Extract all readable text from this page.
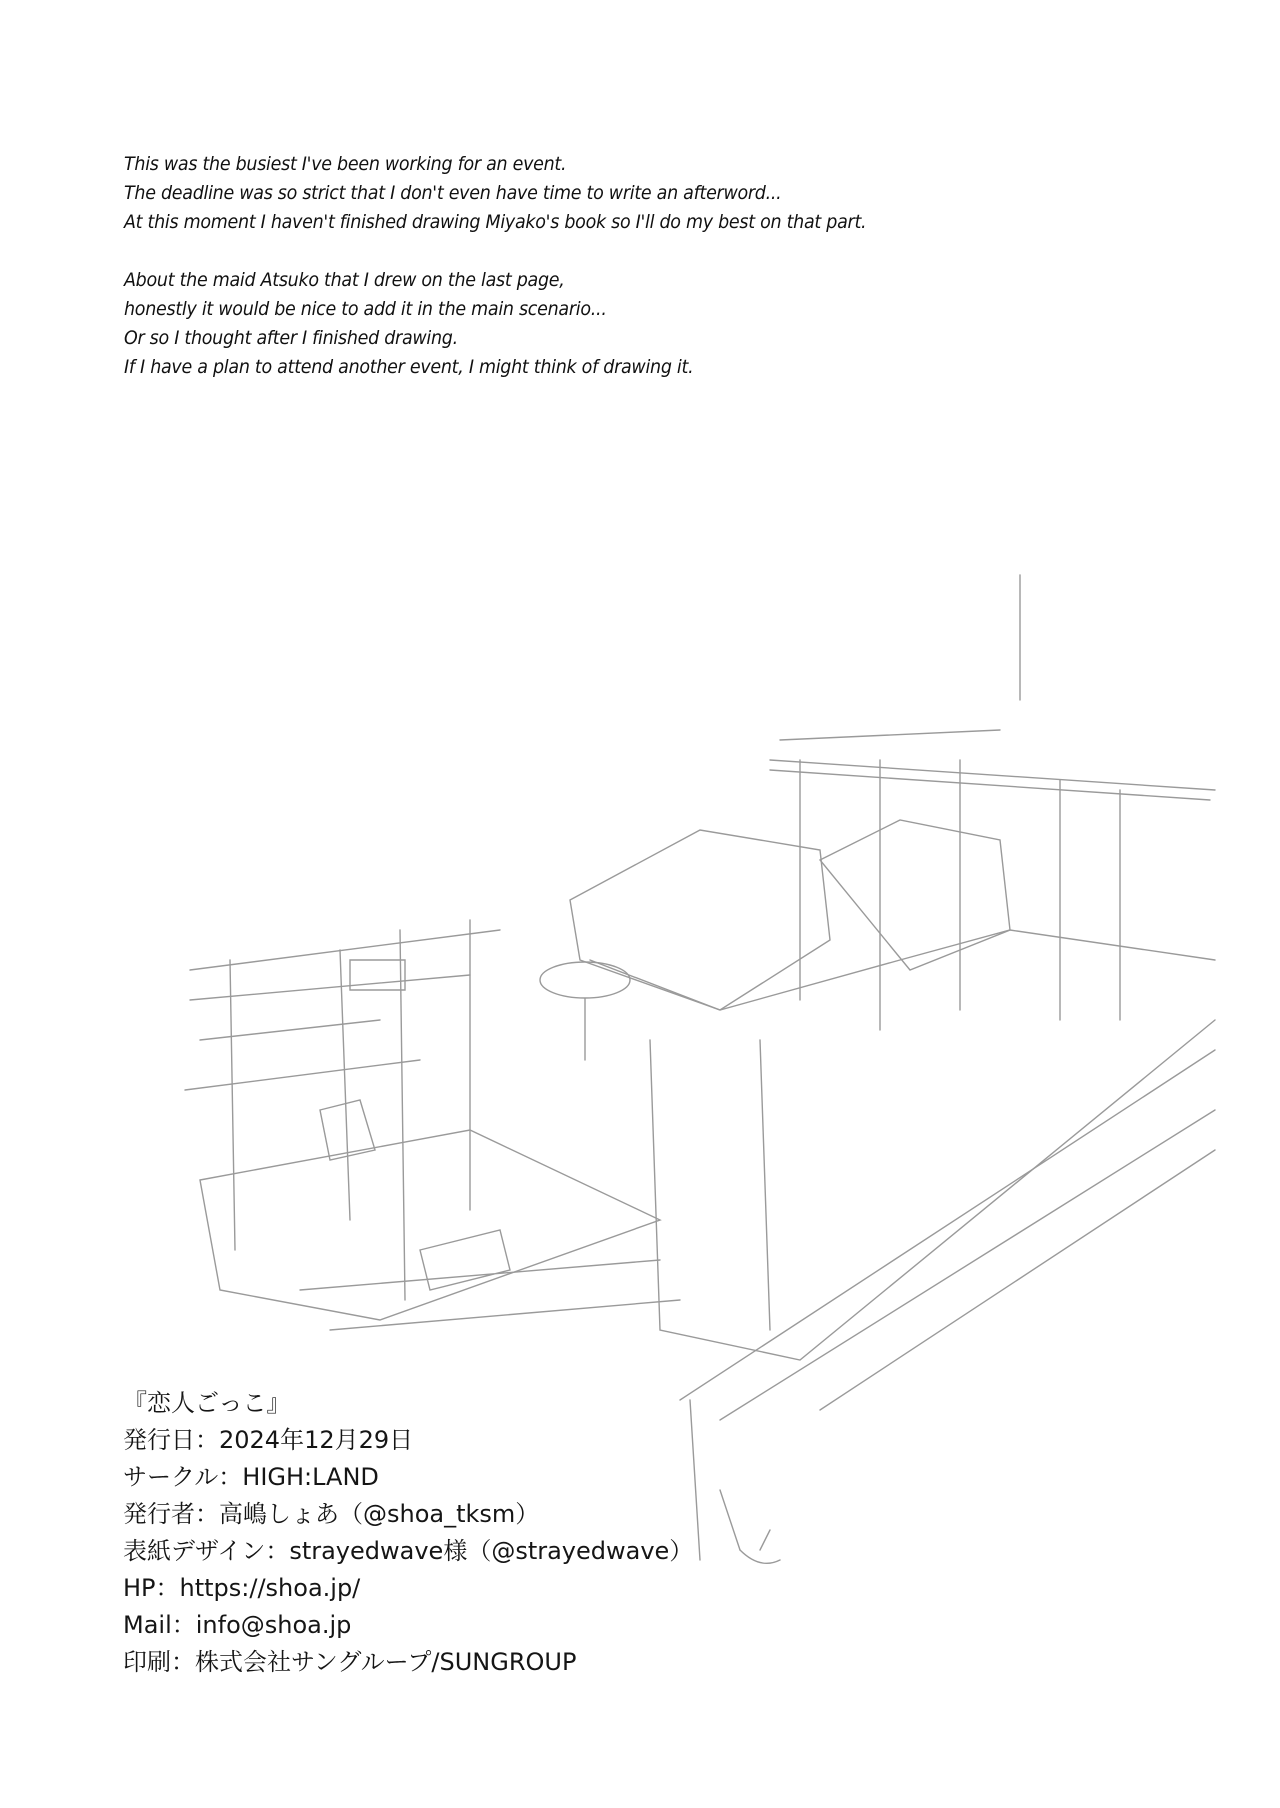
This was the busiest I've been working for an event.
The deadline was so strict that I don't even have time to write an afterword...
At this moment I haven't finished drawing Miyako's book so I'll do my best on that part.
About the maid Atsuko that I drew on the last page,
honestly it would be nice to add it in the main scenario...
Or so I thought after I finished drawing.
If I have a plan to attend another event, I might think of drawing it.
『恋人ごっこ』
発行日：2024年12月29日
サークル：HIGH:LAND
発行者：高嶋しょあ（@shoa_tksm）
表紙デザイン：strayedwave様（@strayedwave）
HP：https://shoa.jp/
Mail：info@shoa.jp
印刷：株式会社サングループ/SUNGROUP
